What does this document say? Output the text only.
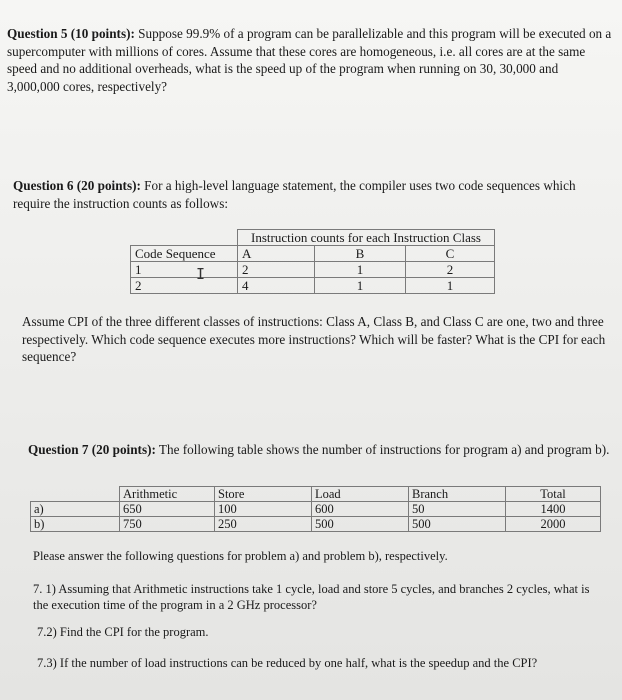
Question 5 (10 points): Suppose 99.9% of a program can be parallelizable and this program will be executed on a supercomputer with millions of cores. Assume that these cores are homogeneous, i.e. all cores are at the same speed and no additional overheads, what is the speed up of the program when running on 30, 30,000 and 3,000,000 cores, respectively?

Question 6 (20 points): For a high-level language statement, the compiler uses two code sequences which require the instruction counts as follows:

	Instruction counts for each Instruction Class		
Code Sequence	A	B	C
1	2	1	2
2	4	1	1
I

Assume CPI of the three different classes of instructions: Class A, Class B, and Class C are one, two and three respectively. Which code sequence executes more instructions? Which will be faster? What is the CPI for each sequence?

Question 7 (20 points): The following table shows the number of instructions for program a) and program b).

	Arithmetic	Store	Load	Branch	Total
a)	650	100	600	50	1400
b)	750	250	500	500	2000

Please answer the following questions for problem a) and problem b), respectively.

7. 1) Assuming that Arithmetic instructions take 1 cycle, load and store 5 cycles, and branches 2 cycles, what is the execution time of the program in a 2 GHz processor?

7.2) Find the CPI for the program.

7.3) If the number of load instructions can be reduced by one half, what is the speedup and the CPI?
